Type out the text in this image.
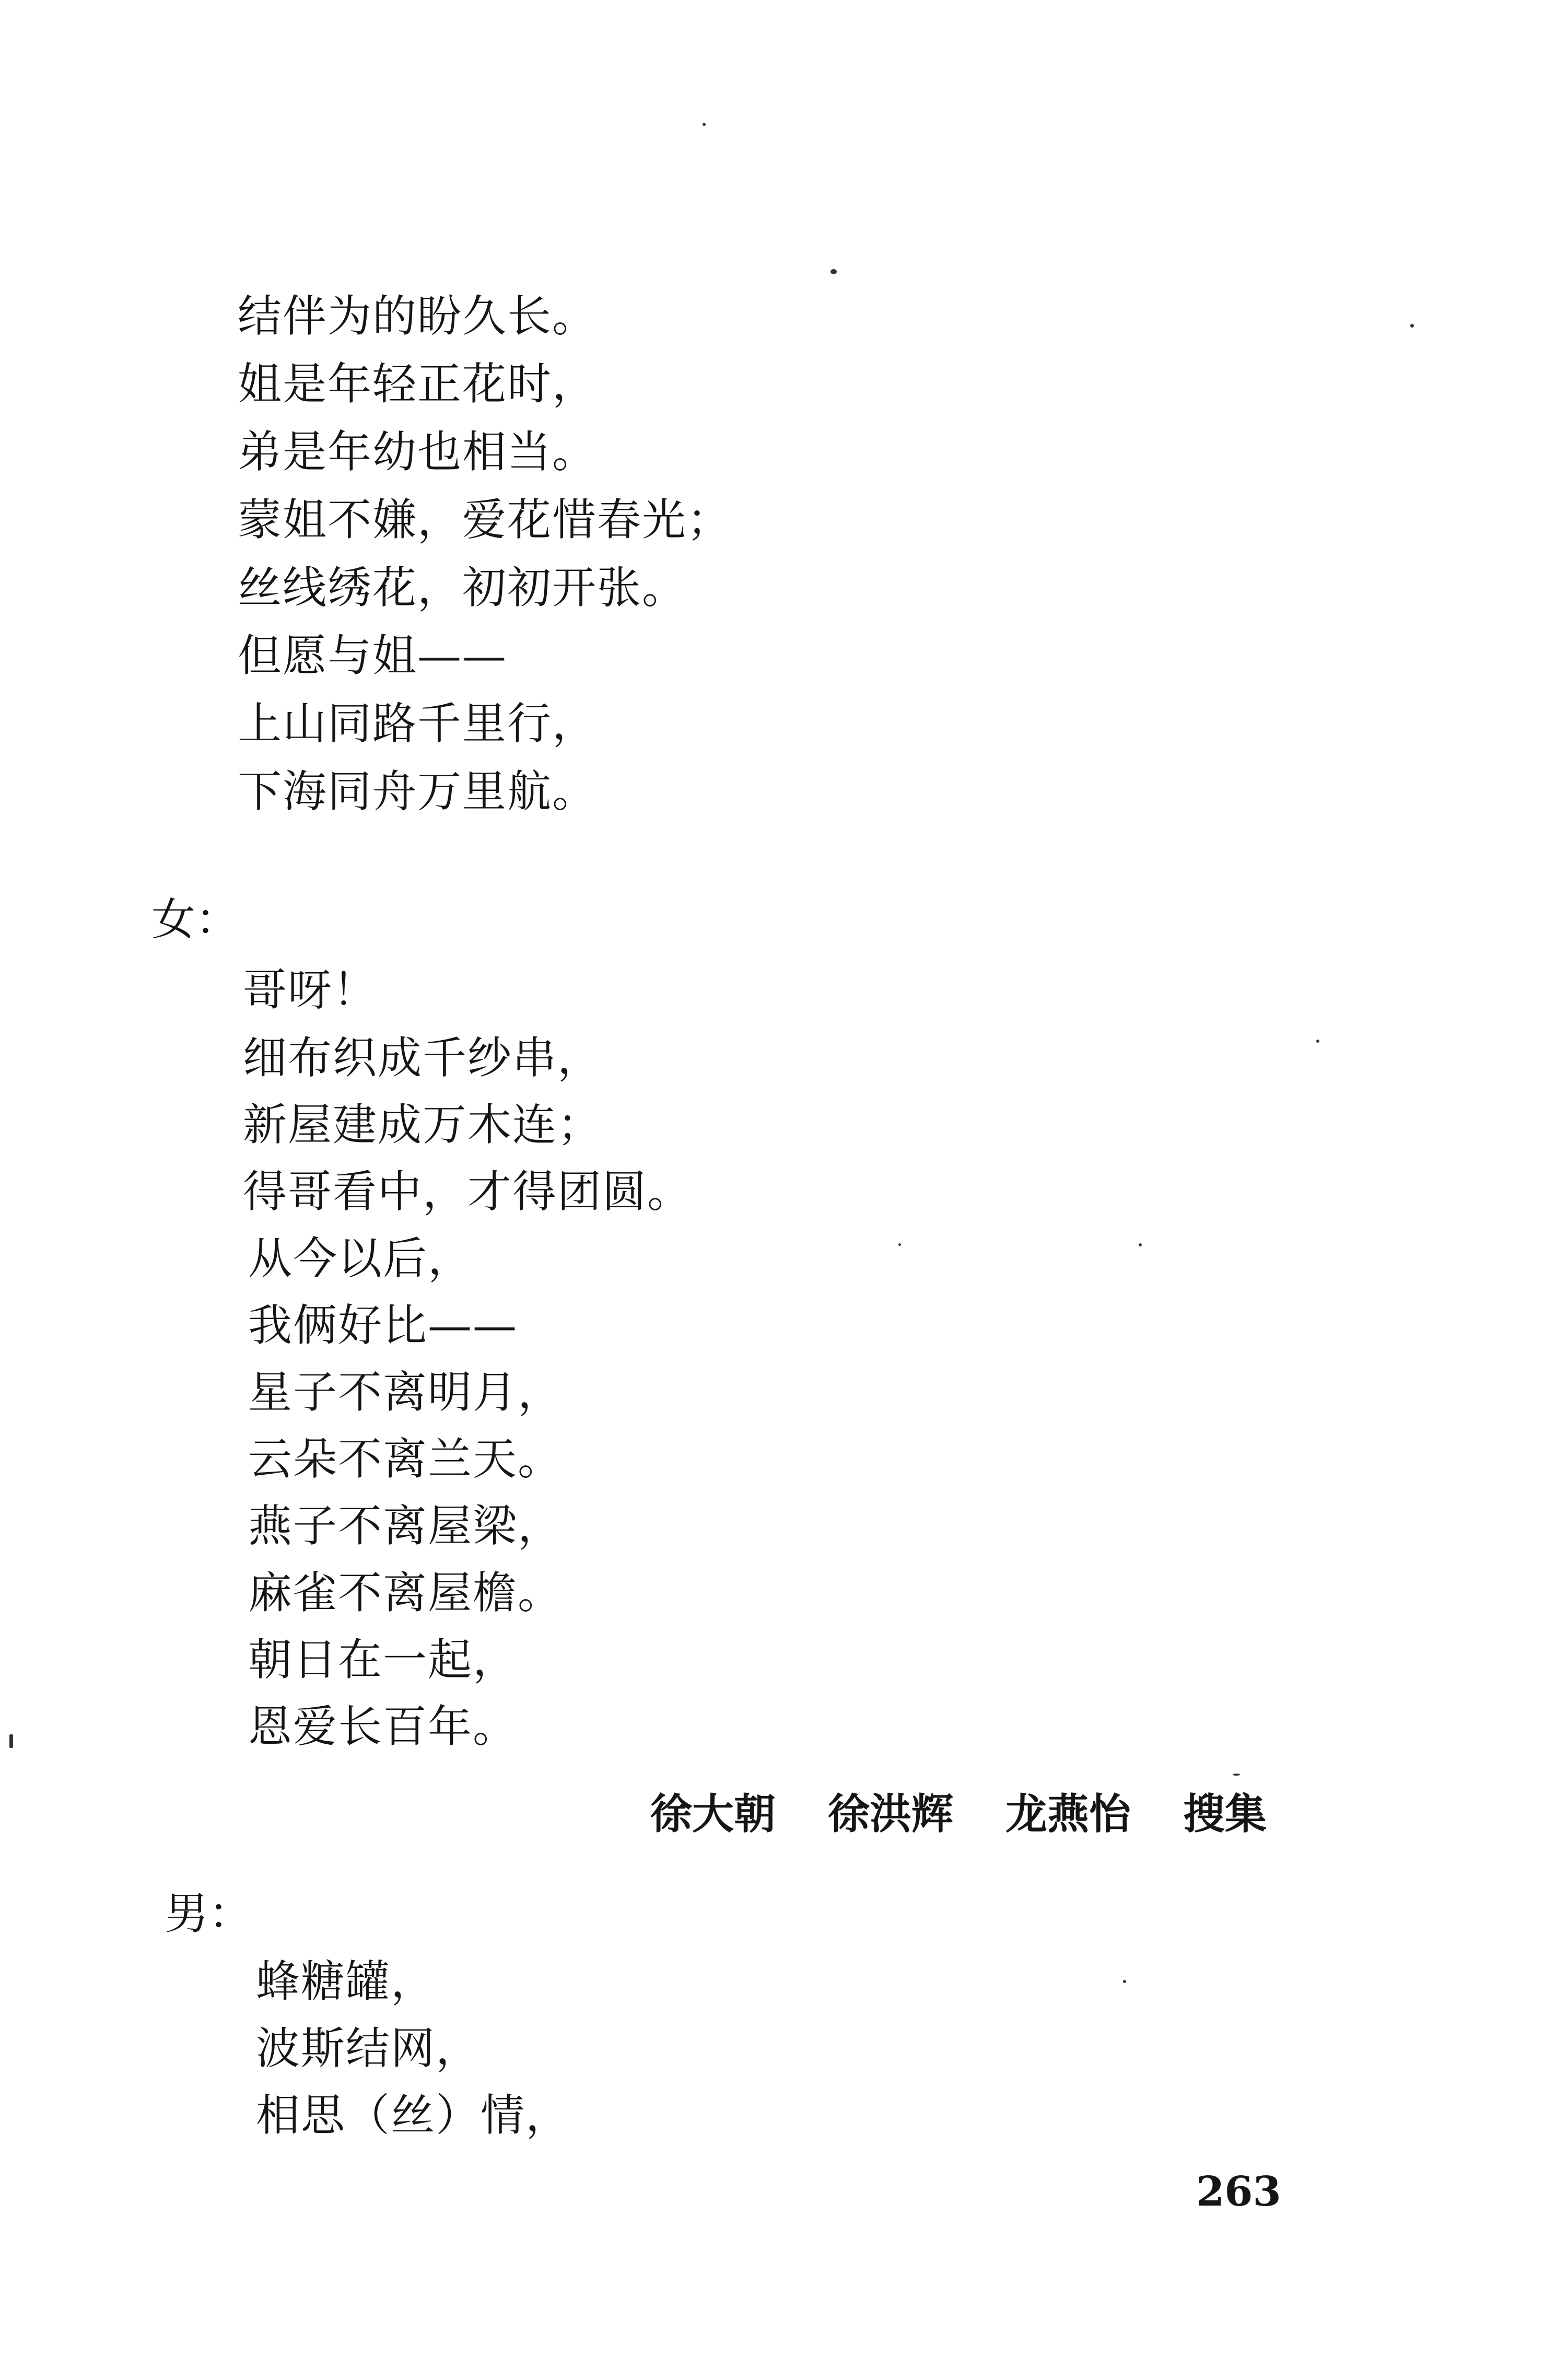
结伴为的盼久长。
姐是年轻正花时，
弟是年幼也相当。
蒙姐不嫌，爱花惜春光；
丝线绣花，初初开张。
但愿与姐——
上山同路千里行，
下海同舟万里航。
女：
哥呀！
细布织成千纱串，
新屋建成万木连；
得哥看中，才得团圆。
从今以后，
我俩好比——
星子不离明月，
云朵不离兰天。
燕子不离屋梁，
麻雀不离屋檐。
朝日在一起，
恩爱长百年。
徐大朝 徐洪辉 龙燕怡 搜集
男：
蜂糖罐，
波斯结网，
相思（丝）情，
263
